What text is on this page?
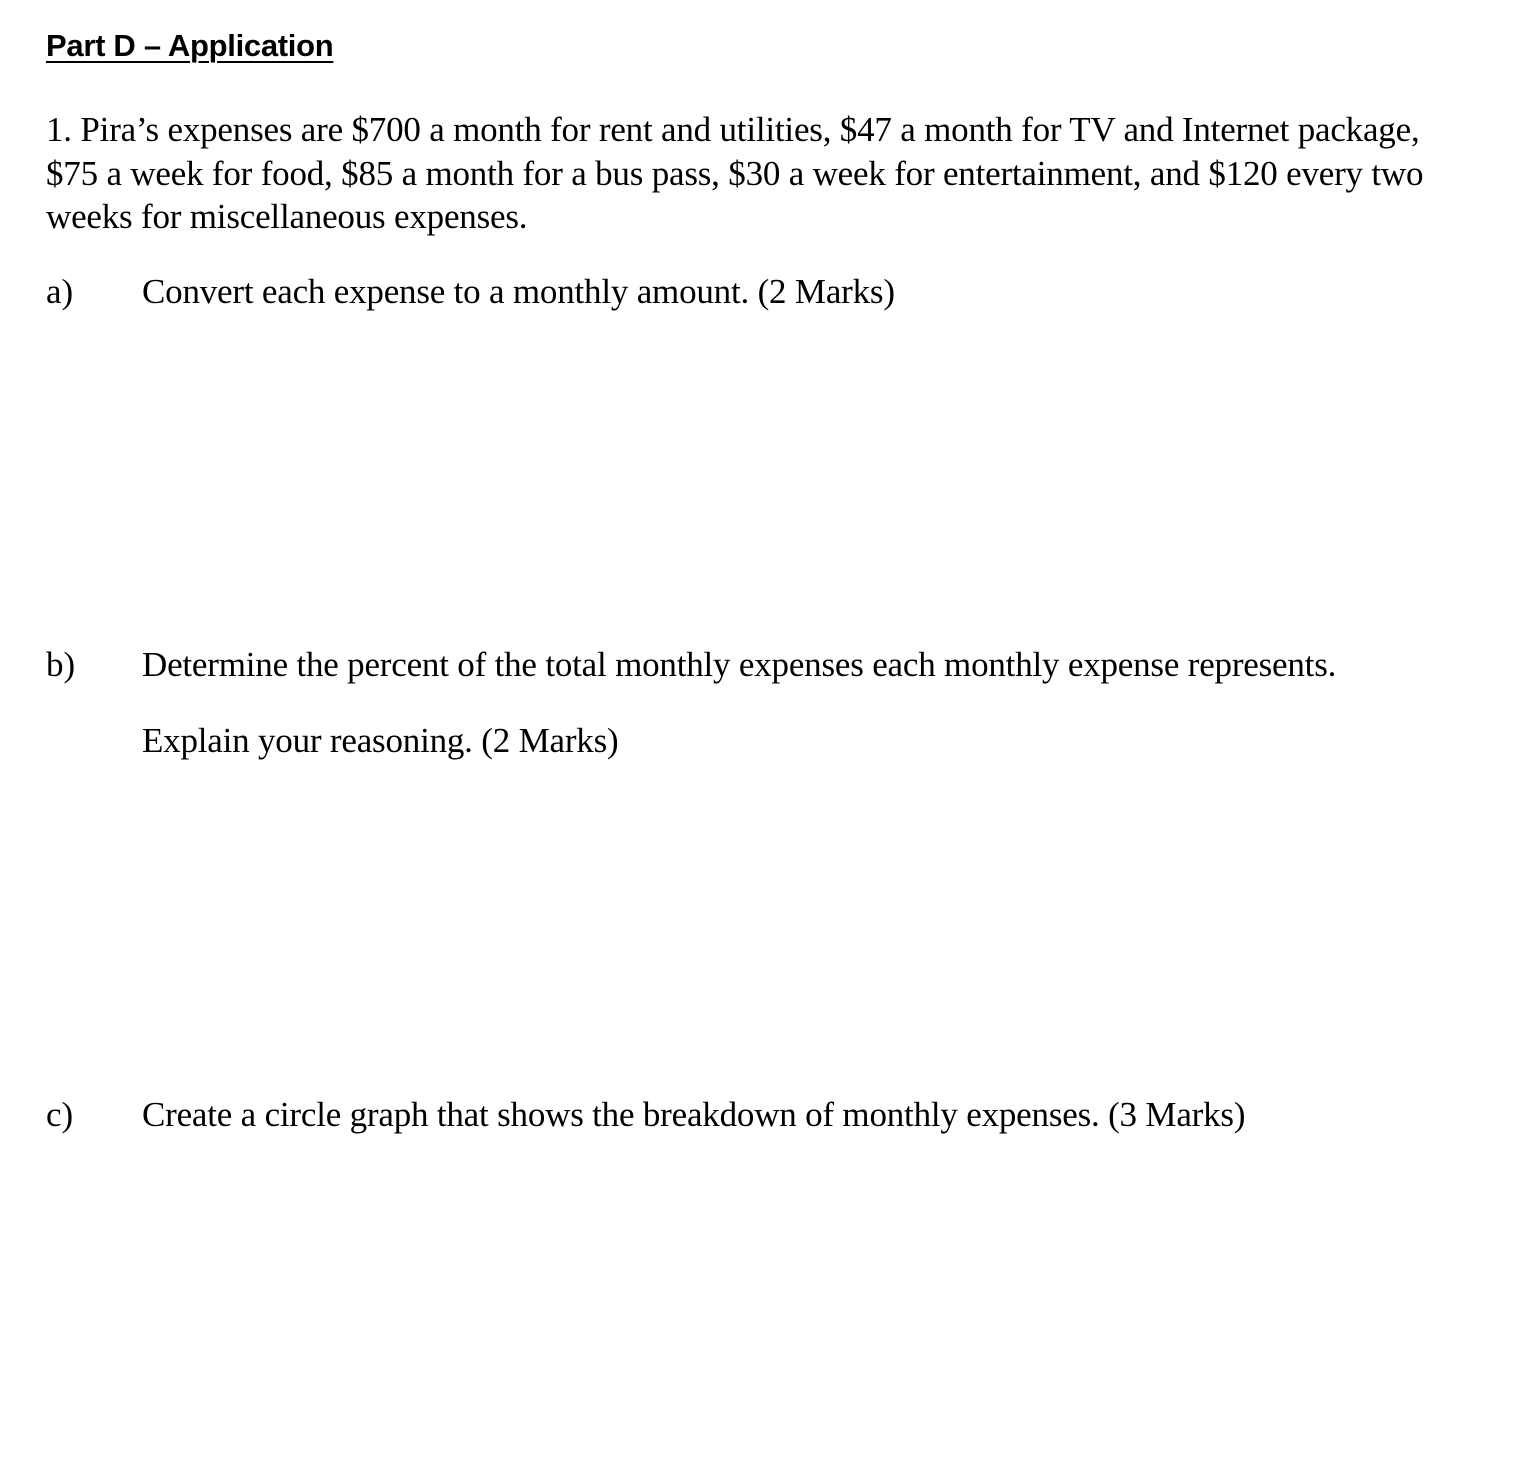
Part D – Application

1. Pira’s expenses are $700 a month for rent and utilities, $47 a month for TV and Internet package, $75 a week for food, $85 a month for a bus pass, $30 a week for entertainment, and $120 every two weeks for miscellaneous expenses.

a)	Convert each expense to a monthly amount. (2 Marks)
b)	Determine the percent of the total monthly expenses each monthly expense represents.
Explain your reasoning. (2 Marks)
c)	Create a circle graph that shows the breakdown of monthly expenses. (3 Marks)
